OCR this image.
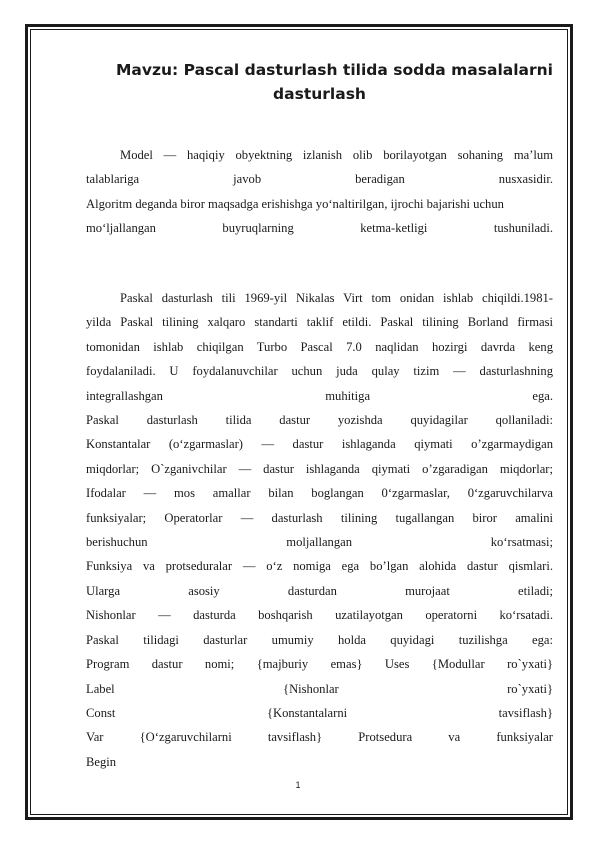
Mavzu: Pascal dasturlash tilida sodda masalalarni dasturlash
Model — haqiqiy obyektning izlanish olib borilayotgan sohaning ma’lum
talablariga javob beradigan nusxasidir.
Algoritm deganda biror maqsadga erishishga yo‘naltirilgan, ijrochi bajarishi uchun
mo‘ljallangan buyruqlarning ketma-ketligi tushuniladi.
Paskal dasturlash tili 1969-yil Nikalas Virt tom onidan ishlab chiqildi.1981-
yilda Paskal tilining xalqaro standarti taklif etildi. Paskal tilining Borland firmasi
tomonidan ishlab chiqilgan Turbo Pascal 7.0 naqlidan hozirgi davrda keng
foydalaniladi. U foydalanuvchilar uchun juda qulay tizim — dasturlashning
integrallashgan muhitiga ega.
Paskal dasturlash tilida dastur yozishda quyidagilar qollaniladi:
Konstantalar (o‘zgarmaslar) — dastur ishlaganda qiymati o’zgarmaydigan
miqdorlar; O`zganivchilar — dastur ishlaganda qiymati o’zgaradigan miqdorlar;
Ifodalar — mos amallar bilan boglangan 0‘zgarmaslar, 0‘zgaruvchilarva
funksiyalar; Operatorlar — dasturlash tilining tugallangan biror amalini
berishuchun moljallangan ko‘rsatmasi;
Funksiya va protseduralar — o‘z nomiga ega bo’lgan alohida dastur qismlari.
Ularga asosiy dasturdan murojaat etiladi;
Nishonlar — dasturda boshqarish uzatilayotgan operatorni ko‘rsatadi.
Paskal tilidagi dasturlar umumiy holda quyidagi tuzilishga ega:
Program dastur nomi; {majburiy emas} Uses {Modullar ro`yxati}
Label {Nishonlar ro`yxati}
Const {Konstantalarni tavsiflash}
Var {O‘zgaruvchilarni tavsiflash} Protsedura va funksiyalar
Begin
1
